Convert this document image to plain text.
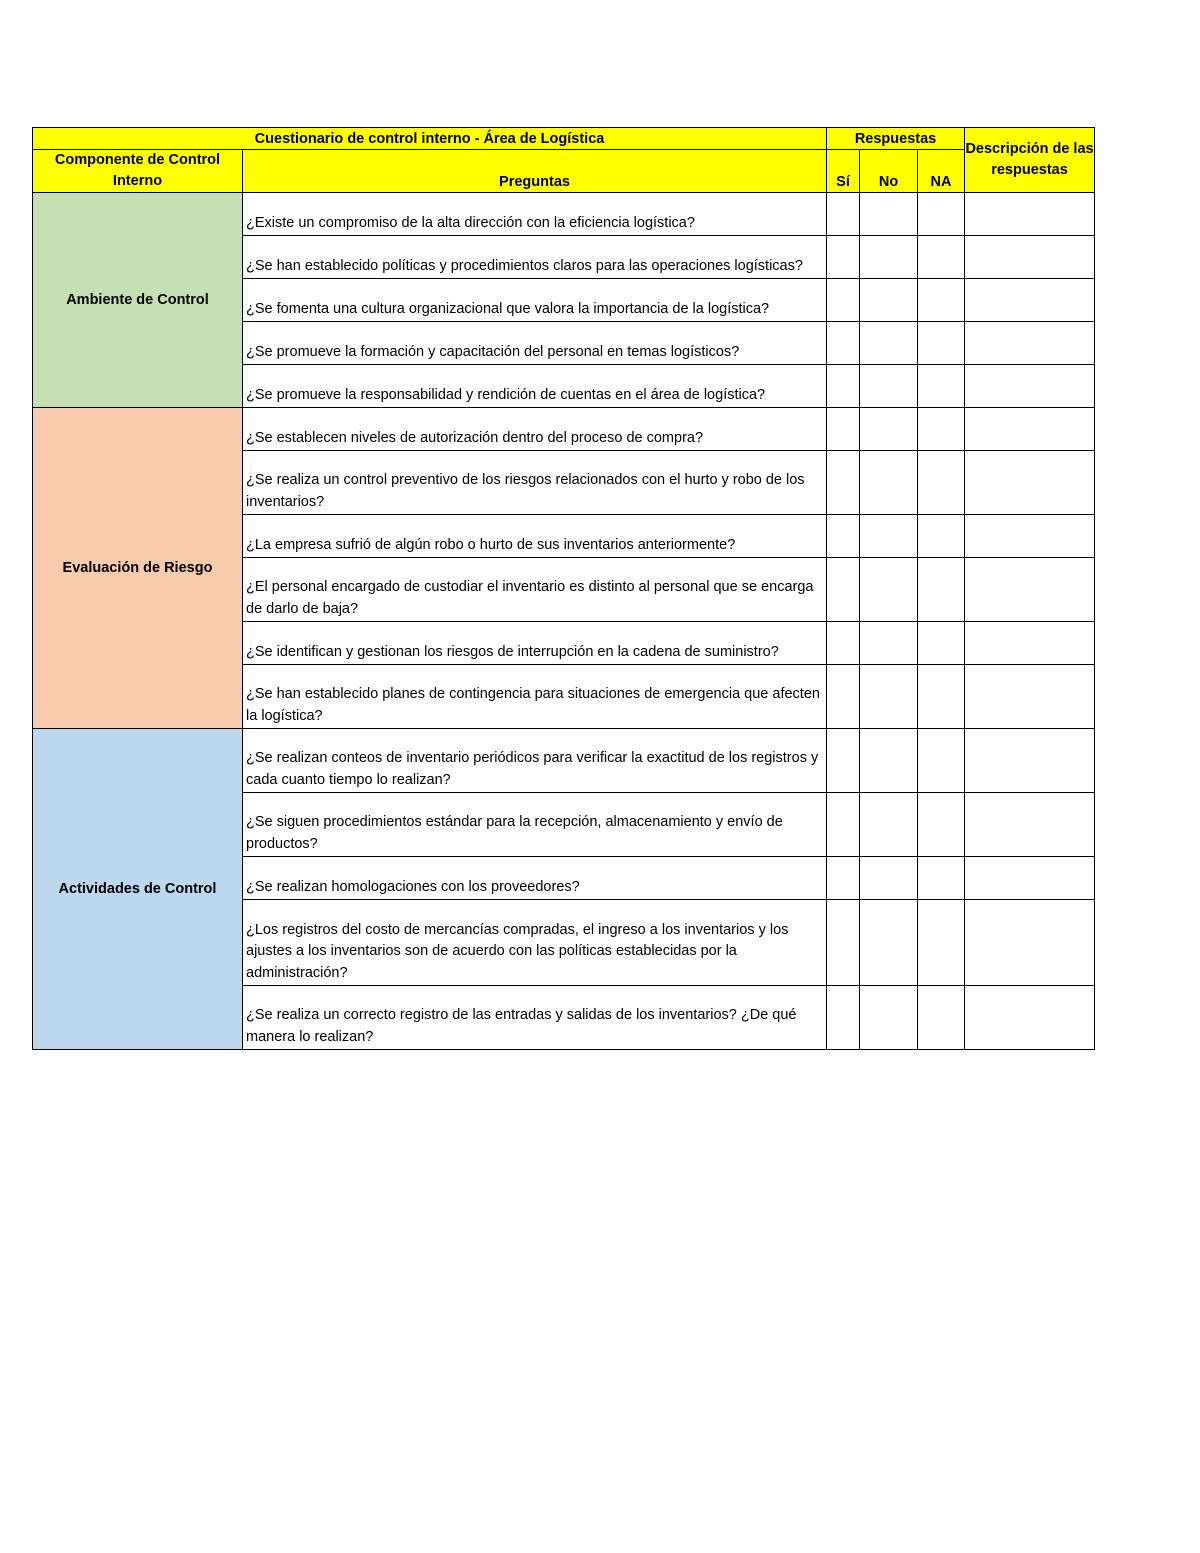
Cuestionario de control interno - Área de Logística		Respuestas			Descripción de las respuestas
Componente de Control Interno	Preguntas	Sí	No	NA	
Ambiente de Control	¿Existe un compromiso de la alta dirección con la eficiencia logística?				
	¿Se han establecido políticas y procedimientos claros para las operaciones logísticas?				
	¿Se fomenta una cultura organizacional que valora la importancia de la logística?				
	¿Se promueve la formación y capacitación del personal en temas logísticos?				
	¿Se promueve la responsabilidad y rendición de cuentas en el área de logística?				
Evaluación de Riesgo	¿Se establecen niveles de autorización dentro del proceso de compra?				
	¿Se realiza un control preventivo de los riesgos relacionados con el hurto y robo de los inventarios?				
	¿La empresa sufrió de algún robo o hurto de sus inventarios anteriormente?				
	¿El personal encargado de custodiar el inventario es distinto al personal que se encarga de darlo de baja?				
	¿Se identifican y gestionan los riesgos de interrupción en la cadena de suministro?				
	¿Se han establecido planes de contingencia para situaciones de emergencia que afecten la logística?				
Actividades de Control	¿Se realizan conteos de inventario periódicos para verificar la exactitud de los registros y cada cuanto tiempo lo realizan?				
	¿Se siguen procedimientos estándar para la recepción, almacenamiento y envío de productos?				
	¿Se realizan homologaciones con los proveedores?				
	¿Los registros del costo de mercancías compradas, el ingreso a los inventarios y los ajustes a los inventarios son de acuerdo con las políticas establecidas por la administración?				
	¿Se realiza un correcto registro de las entradas y salidas de los inventarios? ¿De qué manera lo realizan?				
